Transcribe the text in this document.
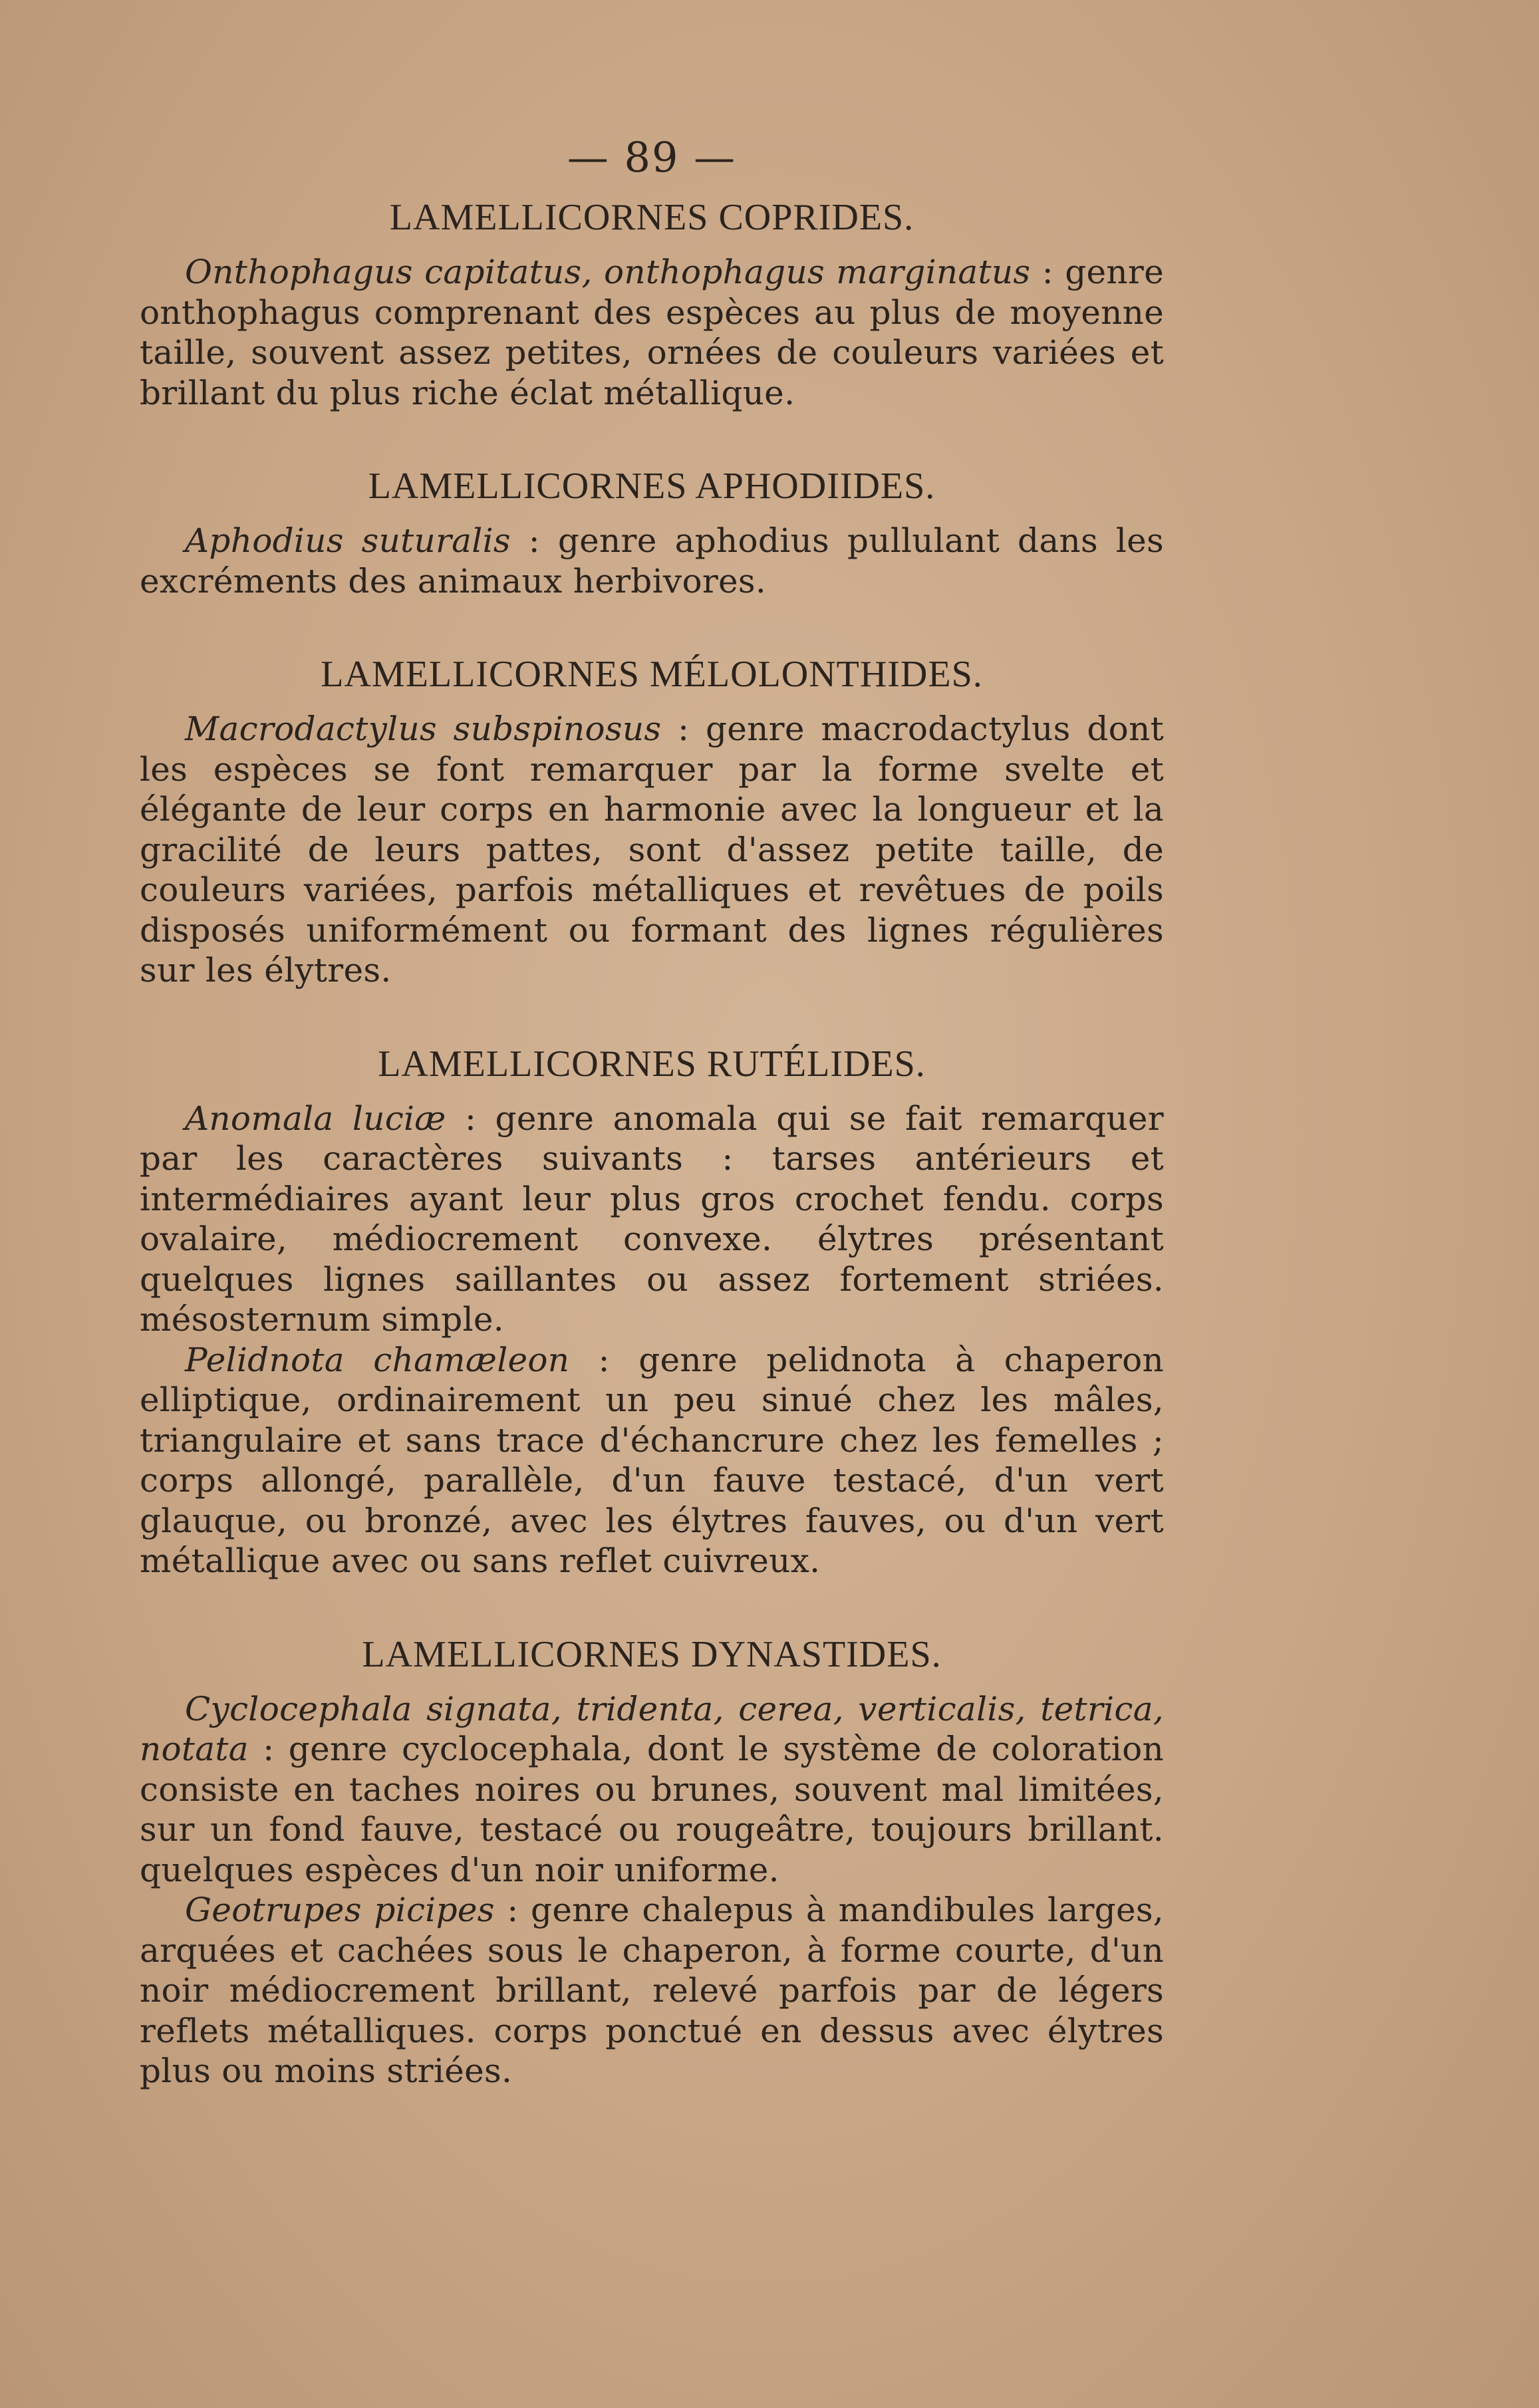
— 89 —
LAMELLICORNES COPRIDES.

Onthophagus capitatus, onthophagus marginatus : genre onthophagus comprenant des espèces au plus de moyenne taille, souvent assez petites, ornées de couleurs variées et brillant du plus riche éclat métallique.

LAMELLICORNES APHODIIDES.

Aphodius suturalis : genre aphodius pullulant dans les excréments des animaux herbivores.

LAMELLICORNES MÉLOLONTHIDES.

Macrodactylus subspinosus : genre macrodactylus dont les espèces se font remarquer par la forme svelte et élégante de leur corps en harmonie avec la longueur et la gracilité de leurs pattes, sont d'assez petite taille, de couleurs variées, parfois métalliques et revêtues de poils disposés uniformément ou formant des lignes régulières sur les élytres.

LAMELLICORNES RUTÉLIDES.

Anomala luciæ : genre anomala qui se fait remarquer par les caractères suivants : tarses antérieurs et intermédiaires ayant leur plus gros crochet fendu. corps ovalaire, médiocrement convexe. élytres présentant quelques lignes saillantes ou assez fortement striées. mésosternum simple.

Pelidnota chamæleon : genre pelidnota à chaperon elliptique, ordinairement un peu sinué chez les mâles, triangulaire et sans trace d'échancrure chez les femelles ; corps allongé, parallèle, d'un fauve testacé, d'un vert glauque, ou bronzé, avec les élytres fauves, ou d'un vert métallique avec ou sans reflet cuivreux.

LAMELLICORNES DYNASTIDES.

Cyclocephala signata, tridenta, cerea, verticalis, tetrica, notata : genre cyclocephala, dont le système de coloration consiste en taches noires ou brunes, souvent mal limitées, sur un fond fauve, testacé ou rougeâtre, toujours brillant. quelques espèces d'un noir uniforme.

Geotrupes picipes : genre chalepus à mandibules larges, arquées et cachées sous le chaperon, à forme courte, d'un noir médiocrement brillant, relevé parfois par de légers reflets métalliques. corps ponctué en dessus avec élytres plus ou moins striées.
